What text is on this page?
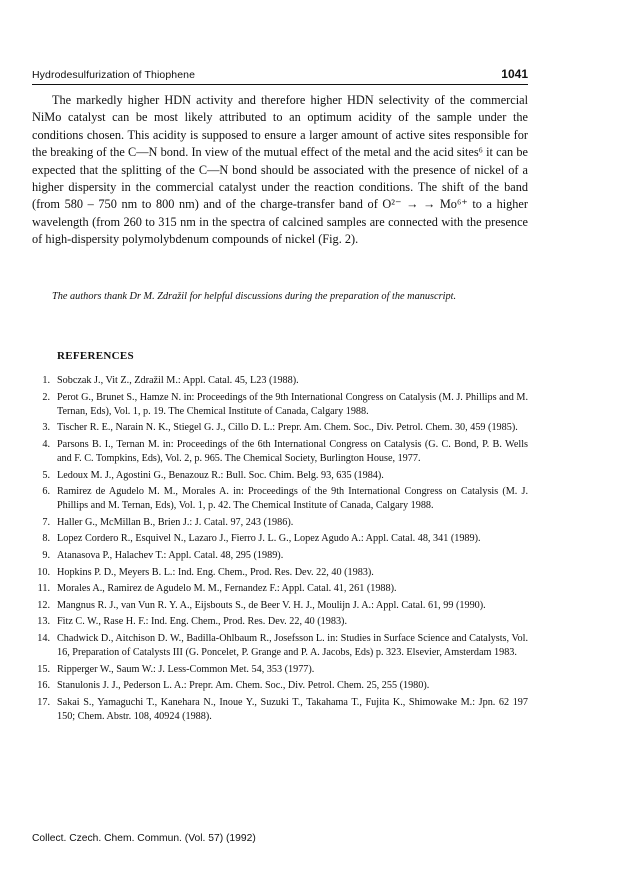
Hydrodesulfurization of Thiophene	1041

The markedly higher HDN activity and therefore higher HDN selectivity of the commercial NiMo catalyst can be most likely attributed to an optimum acidity of the sample under the conditions chosen. This acidity is supposed to ensure a larger amount of active sites responsible for the breaking of the C—N bond. In view of the mutual effect of the metal and the acid sites⁶ it can be expected that the splitting of the C—N bond should be associated with the presence of nickel of a higher dispersity in the commercial catalyst under the reaction conditions. The shift of the band (from 580 – 750 nm to 800 nm) and of the charge-transfer band of O²⁻ → → Mo⁶⁺ to a higher wavelength (from 260 to 315 nm in the spectra of calcined samples are connected with the presence of high-dispersity polymolybdenum compounds of nickel (Fig. 2).

The authors thank Dr M. Zdražil for helpful discussions during the preparation of the manuscript.

REFERENCES
1. Sobczak J., Vit Z., Zdražil M.: Appl. Catal. 45, L23 (1988).
2. Perot G., Brunet S., Hamze N. in: Proceedings of the 9th International Congress on Catalysis (M. J. Phillips and M. Ternan, Eds), Vol. 1, p. 19. The Chemical Institute of Canada, Calgary 1988.
3. Tischer R. E., Narain N. K., Stiegel G. J., Cillo D. L.: Prepr. Am. Chem. Soc., Div. Petrol. Chem. 30, 459 (1985).
4. Parsons B. I., Ternan M. in: Proceedings of the 6th International Congress on Catalysis (G. C. Bond, P. B. Wells and F. C. Tompkins, Eds), Vol. 2, p. 965. The Chemical Society, Burlington House, 1977.
5. Ledoux M. J., Agostini G., Benazouz R.: Bull. Soc. Chim. Belg. 93, 635 (1984).
6. Ramirez de Agudelo M. M., Morales A. in: Proceedings of the 9th International Congress on Catalysis (M. J. Phillips and M. Ternan, Eds), Vol. 1, p. 42. The Chemical Institute of Canada, Calgary 1988.
7. Haller G., McMillan B., Brien J.: J. Catal. 97, 243 (1986).
8. Lopez Cordero R., Esquivel N., Lazaro J., Fierro J. L. G., Lopez Agudo A.: Appl. Catal. 48, 341 (1989).
9. Atanasova P., Halachev T.: Appl. Catal. 48, 295 (1989).
10. Hopkins P. D., Meyers B. L.: Ind. Eng. Chem., Prod. Res. Dev. 22, 40 (1983).
11. Morales A., Ramirez de Agudelo M. M., Fernandez F.: Appl. Catal. 41, 261 (1988).
12. Mangnus R. J., van Vun R. Y. A., Eijsbouts S., de Beer V. H. J., Moulijn J. A.: Appl. Catal. 61, 99 (1990).
13. Fitz C. W., Rase H. F.: Ind. Eng. Chem., Prod. Res. Dev. 22, 40 (1983).
14. Chadwick D., Aitchison D. W., Badilla-Ohlbaum R., Josefsson L. in: Studies in Surface Science and Catalysts, Vol. 16, Preparation of Catalysts III (G. Poncelet, P. Grange and P. A. Jacobs, Eds) p. 323. Elsevier, Amsterdam 1983.
15. Ripperger W., Saum W.: J. Less-Common Met. 54, 353 (1977).
16. Stanulonis J. J., Pederson L. A.: Prepr. Am. Chem. Soc., Div. Petrol. Chem. 25, 255 (1980).
17. Sakai S., Yamaguchi T., Kanehara N., Inoue Y., Suzuki T., Takahama T., Fujita K., Shimowake M.: Jpn. 62 197 150; Chem. Abstr. 108, 40924 (1988).
Collect. Czech. Chem. Commun. (Vol. 57) (1992)
